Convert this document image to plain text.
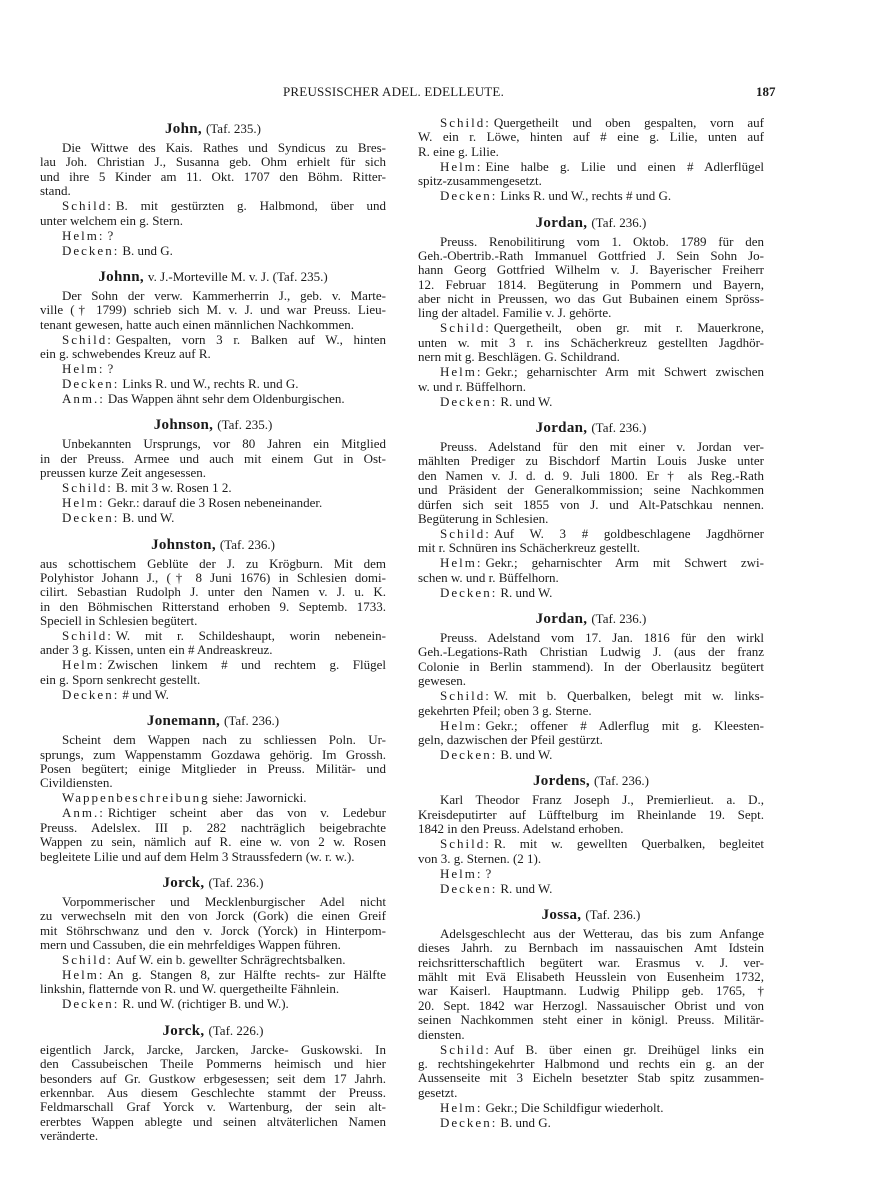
PREUSSISCHER ADEL. EDELLEUTE.	187
John, (Taf. 235.)
Die Wittwe des Kais. Rathes und Syndicus zu Bres-
lau Joh. Christian J., Susanna geb. Ohm erhielt für sich
und ihre 5 Kinder am 11. Okt. 1707 den Böhm. Ritter-
stand.
Schild: B. mit gestürzten g. Halbmond, über und
unter welchem ein g. Stern.
Helm: ?
Decken: B. und G.
Johnn, v. J.-Morteville M. v. J. (Taf. 235.)
Der Sohn der verw. Kammerherrin J., geb. v. Marte-
ville († 1799) schrieb sich M. v. J. und war Preuss. Lieu-
tenant gewesen, hatte auch einen männlichen Nachkommen.
Schild: Gespalten, vorn 3 r. Balken auf W., hinten
ein g. schwebendes Kreuz auf R.
Helm: ?
Decken: Links R. und W., rechts R. und G.
Anm.: Das Wappen ähnt sehr dem Oldenburgischen.
Johnson, (Taf. 235.)
Unbekannten Ursprungs, vor 80 Jahren ein Mitglied
in der Preuss. Armee und auch mit einem Gut in Ost-
preussen kurze Zeit angesessen.
Schild: B. mit 3 w. Rosen 1 2.
Helm: Gekr.: darauf die 3 Rosen nebeneinander.
Decken: B. und W.
Johnston, (Taf. 236.)
aus schottischem Geblüte der J. zu Krögburn. Mit dem
Polyhistor Johann J., († 8 Juni 1676) in Schlesien domi-
cilirt. Sebastian Rudolph J. unter den Namen v. J. u. K.
in den Böhmischen Ritterstand erhoben 9. Septemb. 1733.
Speciell in Schlesien begütert.
Schild: W. mit r. Schildeshaupt, worin nebenein-
ander 3 g. Kissen, unten ein # Andreaskreuz.
Helm: Zwischen linkem # und rechtem g. Flügel
ein g. Sporn senkrecht gestellt.
Decken: # und W.
Jonemann, (Taf. 236.)
Scheint dem Wappen nach zu schliessen Poln. Ur-
sprungs, zum Wappenstamm Gozdawa gehörig. Im Grossh.
Posen begütert; einige Mitglieder in Preuss. Militär- und
Civildiensten.
Wappenbeschreibung siehe: Jawornicki.
Anm.: Richtiger scheint aber das von v. Ledebur
Preuss. Adelslex. III p. 282 nachträglich beigebrachte
Wappen zu sein, nämlich auf R. eine w. von 2 w. Rosen
begleitete Lilie und auf dem Helm 3 Straussfedern (w. r. w.).
Jorck, (Taf. 236.)
Vorpommerischer und Mecklenburgischer Adel nicht
zu verwechseln mit den von Jorck (Gork) die einen Greif
mit Stöhrschwanz und den v. Jorck (Yorck) in Hinterpom-
mern und Cassuben, die ein mehrfeldiges Wappen führen.
Schild: Auf W. ein b. gewellter Schrägrechtsbalken.
Helm: An g. Stangen 8, zur Hälfte rechts- zur Hälfte
linkshin, flatternde von R. und W. quergetheilte Fähnlein.
Decken: R. und W. (richtiger B. und W.).
Jorck, (Taf. 226.)
eigentlich Jarck, Jarcke, Jarcken, Jarcke- Guskowski. In
den Cassubeischen Theile Pommerns heimisch und hier
besonders auf Gr. Gustkow erbgesessen; seit dem 17 Jahrh.
erkennbar. Aus diesem Geschlechte stammt der Preuss.
Feldmarschall Graf Yorck v. Wartenburg, der sein alt-
ererbtes Wappen ablegte und seinen altväterlichen Namen
veränderte.
Schild: Quergetheilt und oben gespalten, vorn auf
W. ein r. Löwe, hinten auf # eine g. Lilie, unten auf
R. eine g. Lilie.
Helm: Eine halbe g. Lilie und einen # Adlerflügel
spitz-zusammengesetzt.
Decken: Links R. und W., rechts # und G.
Jordan, (Taf. 236.)
Preuss. Renobilitirung vom 1. Oktob. 1789 für den
Geh.-Obertrib.-Rath Immanuel Gottfried J. Sein Sohn Jo-
hann Georg Gottfried Wilhelm v. J. Bayerischer Freiherr
12. Februar 1814. Begüterung in Pommern und Bayern,
aber nicht in Preussen, wo das Gut Bubainen einem Spröss-
ling der altadel. Familie v. J. gehörte.
Schild: Quergetheilt, oben gr. mit r. Mauerkrone,
unten w. mit 3 r. ins Schächerkreuz gestellten Jagdhör-
nern mit g. Beschlägen. G. Schildrand.
Helm: Gekr.; geharnischter Arm mit Schwert zwischen
w. und r. Büffelhorn.
Decken: R. und W.
Jordan, (Taf. 236.)
Preuss. Adelstand für den mit einer v. Jordan ver-
mählten Prediger zu Bischdorf Martin Louis Juske unter
den Namen v. J. d. d. 9. Juli 1800. Er † als Reg.-Rath
und Präsident der Generalkommission; seine Nachkommen
dürfen sich seit 1855 von J. und Alt-Patschkau nennen.
Begüterung in Schlesien.
Schild: Auf W. 3 # goldbeschlagene Jagdhörner
mit r. Schnüren ins Schächerkreuz gestellt.
Helm: Gekr.; geharnischter Arm mit Schwert zwi-
schen w. und r. Büffelhorn.
Decken: R. und W.
Jordan, (Taf. 236.)
Preuss. Adelstand vom 17. Jan. 1816 für den wirkl
Geh.-Legations-Rath Christian Ludwig J. (aus der franz
Colonie in Berlin stammend). In der Oberlausitz begütert
gewesen.
Schild: W. mit b. Querbalken, belegt mit w. links-
gekehrten Pfeil; oben 3 g. Sterne.
Helm: Gekr.; offener # Adlerflug mit g. Kleesten-
geln, dazwischen der Pfeil gestürzt.
Decken: B. und W.
Jordens, (Taf. 236.)
Karl Theodor Franz Joseph J., Premierlieut. a. D.,
Kreisdeputirter auf Lüfftelburg im Rheinlande 19. Sept.
1842 in den Preuss. Adelstand erhoben.
Schild: R. mit w. gewellten Querbalken, begleitet
von 3. g. Sternen. (2 1).
Helm: ?
Decken: R. und W.
Jossa, (Taf. 236.)
Adelsgeschlecht aus der Wetterau, das bis zum Anfange
dieses Jahrh. zu Bernbach im nassauischen Amt Idstein
reichsritterschaftlich begütert war. Erasmus v. J. ver-
mählt mit Evä Elisabeth Heusslein von Eusenheim 1732,
war Kaiserl. Hauptmann. Ludwig Philipp geb. 1765, †
20. Sept. 1842 war Herzogl. Nassauischer Obrist und von
seinen Nachkommen steht einer in königl. Preuss. Militär-
diensten.
Schild: Auf B. über einen gr. Dreihügel links ein
g. rechtshingekehrter Halbmond und rechts ein g. an der
Aussenseite mit 3 Eicheln besetzter Stab spitz zusammen-
gesetzt.
Helm: Gekr.; Die Schildfigur wiederholt.
Decken: B. und G.
